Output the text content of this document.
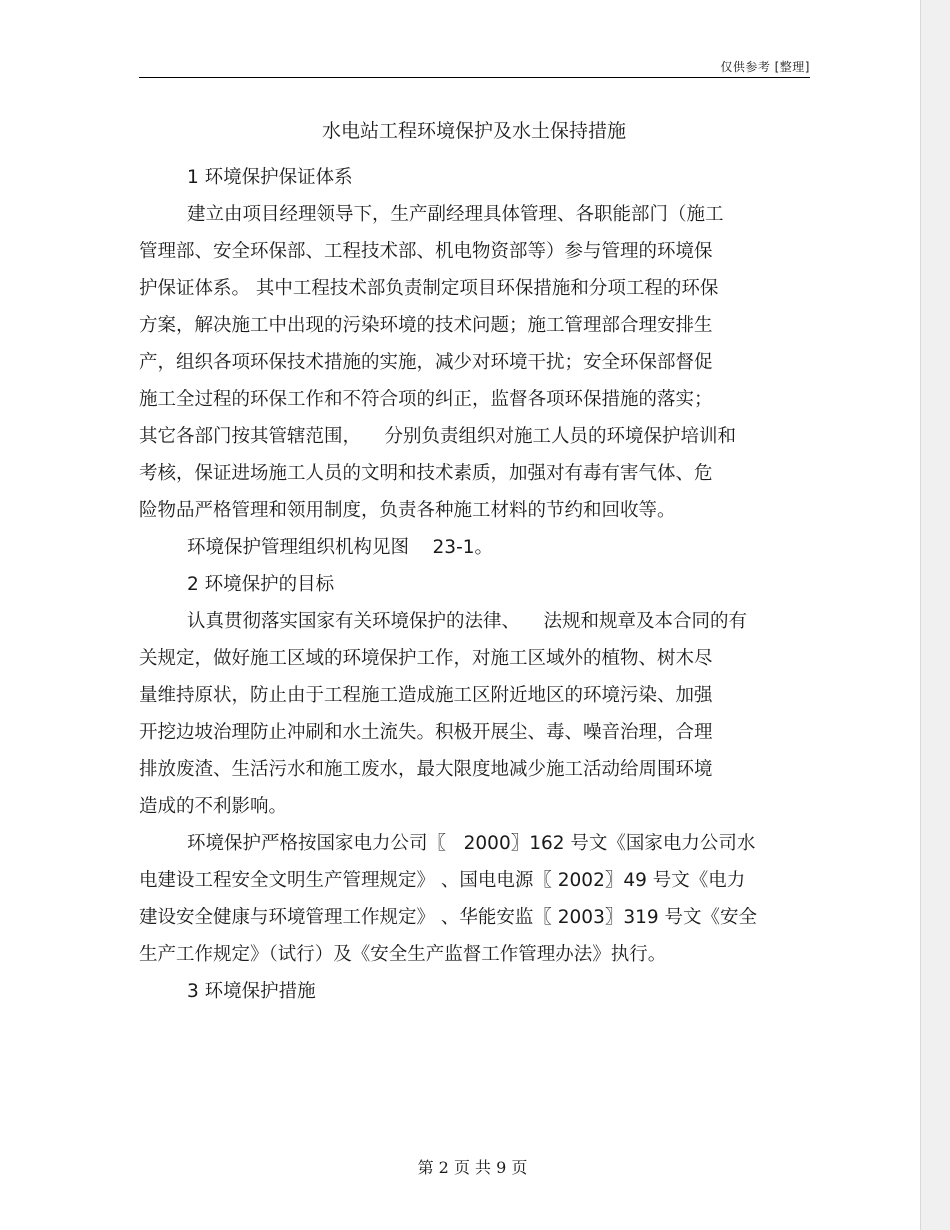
仅供参考 [整理]
水电站工程环境保护及水土保持措施
1 环境保护保证体系
建立由项目经理领导下，生产副经理具体管理、各职能部门（施工
管理部、安全环保部、工程技术部、机电物资部等）参与管理的环境保
护保证体系。 其中工程技术部负责制定项目环保措施和分项工程的环保
方案，解决施工中出现的污染环境的技术问题；施工管理部合理安排生
产，组织各项环保技术措施的实施，减少对环境干扰；安全环保部督促
施工全过程的环保工作和不符合项的纠正，监督各项环保措施的落实；
其它各部门按其管辖范围，    分别负责组织对施工人员的环境保护培训和
考核，保证进场施工人员的文明和技术素质，加强对有毒有害气体、危
险物品严格管理和领用制度，负责各种施工材料的节约和回收等。
环境保护管理组织机构见图    23-1。
2 环境保护的目标
认真贯彻落实国家有关环境保护的法律、    法规和规章及本合同的有
关规定，做好施工区域的环境保护工作，对施工区域外的植物、树木尽
量维持原状，防止由于工程施工造成施工区附近地区的环境污染、加强
开挖边坡治理防止冲刷和水土流失。积极开展尘、毒、噪音治理，合理
排放废渣、生活污水和施工废水，最大限度地减少施工活动给周围环境
造成的不利影响。
环境保护严格按国家电力公司〖   2000〗162 号文《国家电力公司水
电建设工程安全文明生产管理规定》 、国电电源〖 2002〗49 号文《电力
建设安全健康与环境管理工作规定》 、华能安监〖 2003〗319 号文《安全
生产工作规定》（试行）及《安全生产监督工作管理办法》执行。
3 环境保护措施
第 2 页 共 9 页
